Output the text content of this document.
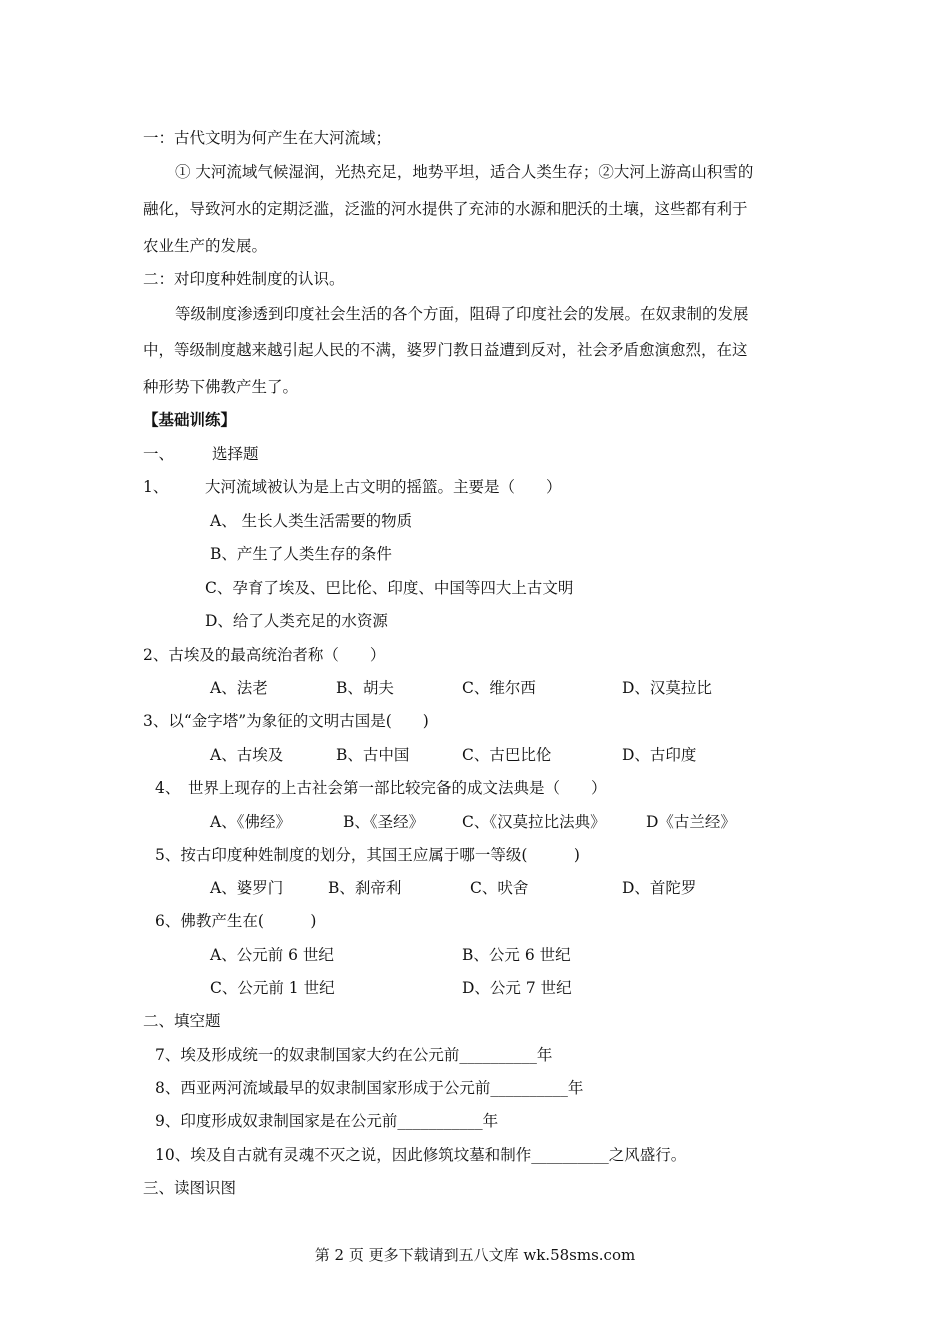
一：古代文明为何产生在大河流域；
① 大河流域气候湿润，光热充足，地势平坦，适合人类生存；②大河上游高山积雪的
融化，导致河水的定期泛滥，泛滥的河水提供了充沛的水源和肥沃的土壤，这些都有利于
农业生产的发展。
二：对印度种姓制度的认识。
等级制度渗透到印度社会生活的各个方面，阻碍了印度社会的发展。在奴隶制的发展
中，等级制度越来越引起人民的不满，婆罗门教日益遭到反对，社会矛盾愈演愈烈，在这
种形势下佛教产生了。
【基础训练】
一、 选择题
1、 大河流域被认为是上古文明的摇篮。主要是（　　）
A、 生长人类生活需要的物质
B、产生了人类生存的条件
C、孕育了埃及、巴比伦、印度、中国等四大上古文明
D、给了人类充足的水资源
2、古埃及的最高统治者称（　　）
A、法老	B、胡夫	C、维尔西	D、汉莫拉比
3、以“金字塔”为象征的文明古国是(　　)
A、古埃及	B、古中国	C、古巴比伦	D、古印度
4、 世界上现存的上古社会第一部比较完备的成文法典是（　　）
A、《佛经》	B、《圣经》 C、《汉莫拉比法典》	D《古兰经》
5、按古印度种姓制度的划分，其国王应属于哪一等级(　　　)
A、婆罗门	B、刹帝利	C、吠舍	D、首陀罗
6、佛教产生在(　　　)
A、公元前 6 世纪	B、公元 6 世纪
C、公元前 1 世纪	D、公元 7 世纪
二、填空题
7、埃及形成统一的奴隶制国家大约在公元前__________年
8、西亚两河流域最早的奴隶制国家形成于公元前__________年
9、印度形成奴隶制国家是在公元前___________年
10、埃及自古就有灵魂不灭之说，因此修筑坟墓和制作__________之风盛行。
三、读图识图
第 2 页 更多下载请到五八文库 wk.58sms.com
